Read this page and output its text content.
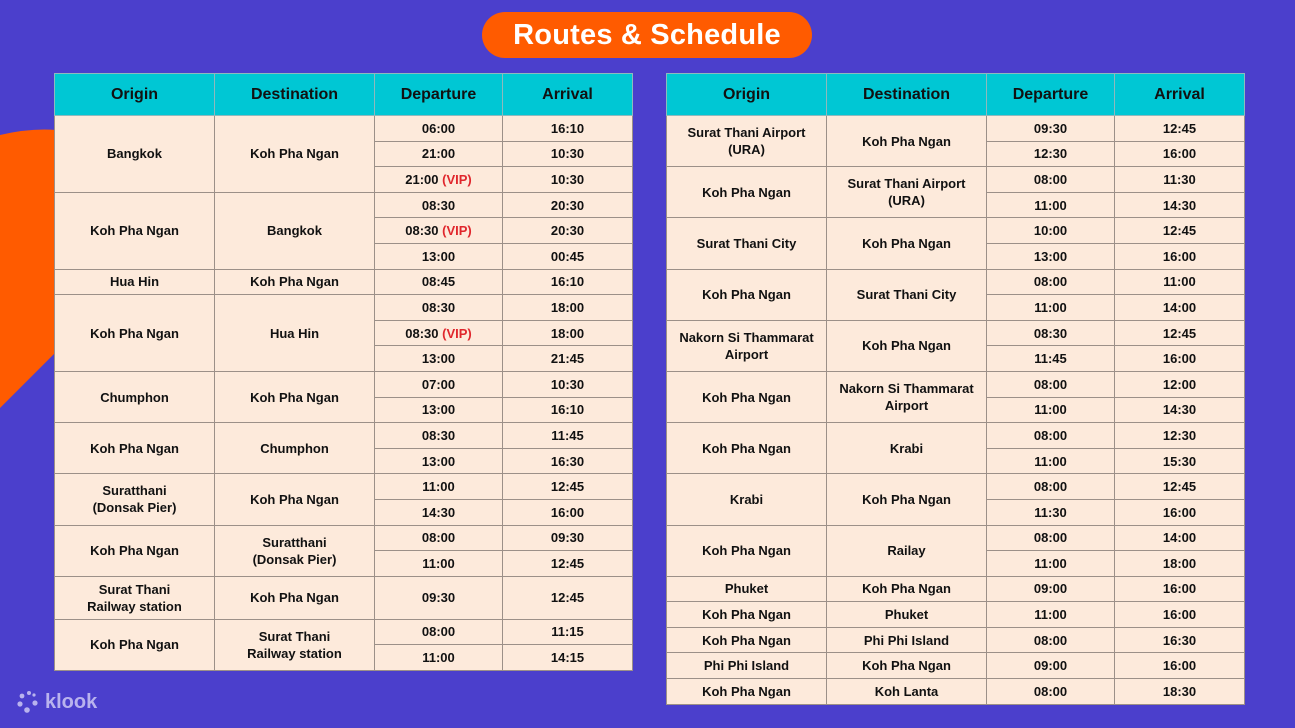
Routes & Schedule
Origin	Destination	Departure	Arrival
Bangkok	Koh Pha Ngan	06:00	16:10
		21:00	10:30
		21:00 (VIP)	10:30
Koh Pha Ngan	Bangkok	08:30	20:30
		08:30 (VIP)	20:30
		13:00	00:45
Hua Hin	Koh Pha Ngan	08:45	16:10
Koh Pha Ngan	Hua Hin	08:30	18:00
		08:30 (VIP)	18:00
		13:00	21:45
Chumphon	Koh Pha Ngan	07:00	10:30
		13:00	16:10
Koh Pha Ngan	Chumphon	08:30	11:45
		13:00	16:30
Suratthani
(Donsak Pier)	Koh Pha Ngan	11:00	12:45
		14:30	16:00
Koh Pha Ngan	Suratthani
(Donsak Pier)	08:00	09:30
		11:00	12:45
Surat Thani
Railway station	Koh Pha Ngan	09:30	12:45
Koh Pha Ngan	Surat Thani
Railway station	08:00	11:15
		11:00	14:15
Origin	Destination	Departure	Arrival
Surat Thani Airport (URA)	Koh Pha Ngan	09:30	12:45
		12:30	16:00
Koh Pha Ngan	Surat Thani Airport (URA)	08:00	11:30
		11:00	14:30
Surat Thani City	Koh Pha Ngan	10:00	12:45
		13:00	16:00
Koh Pha Ngan	Surat Thani City	08:00	11:00
		11:00	14:00
Nakorn Si Thammarat
Airport	Koh Pha Ngan	08:30	12:45
		11:45	16:00
Koh Pha Ngan	Nakorn Si Thammarat
Airport	08:00	12:00
		11:00	14:30
Koh Pha Ngan	Krabi	08:00	12:30
		11:00	15:30
Krabi	Koh Pha Ngan	08:00	12:45
		11:30	16:00
Koh Pha Ngan	Railay	08:00	14:00
		11:00	18:00
Phuket	Koh Pha Ngan	09:00	16:00
Koh Pha Ngan	Phuket	11:00	16:00
Koh Pha Ngan	Phi Phi Island	08:00	16:30
Phi Phi Island	Koh Pha Ngan	09:00	16:00
Koh Pha Ngan	Koh Lanta	08:00	18:30
klook
